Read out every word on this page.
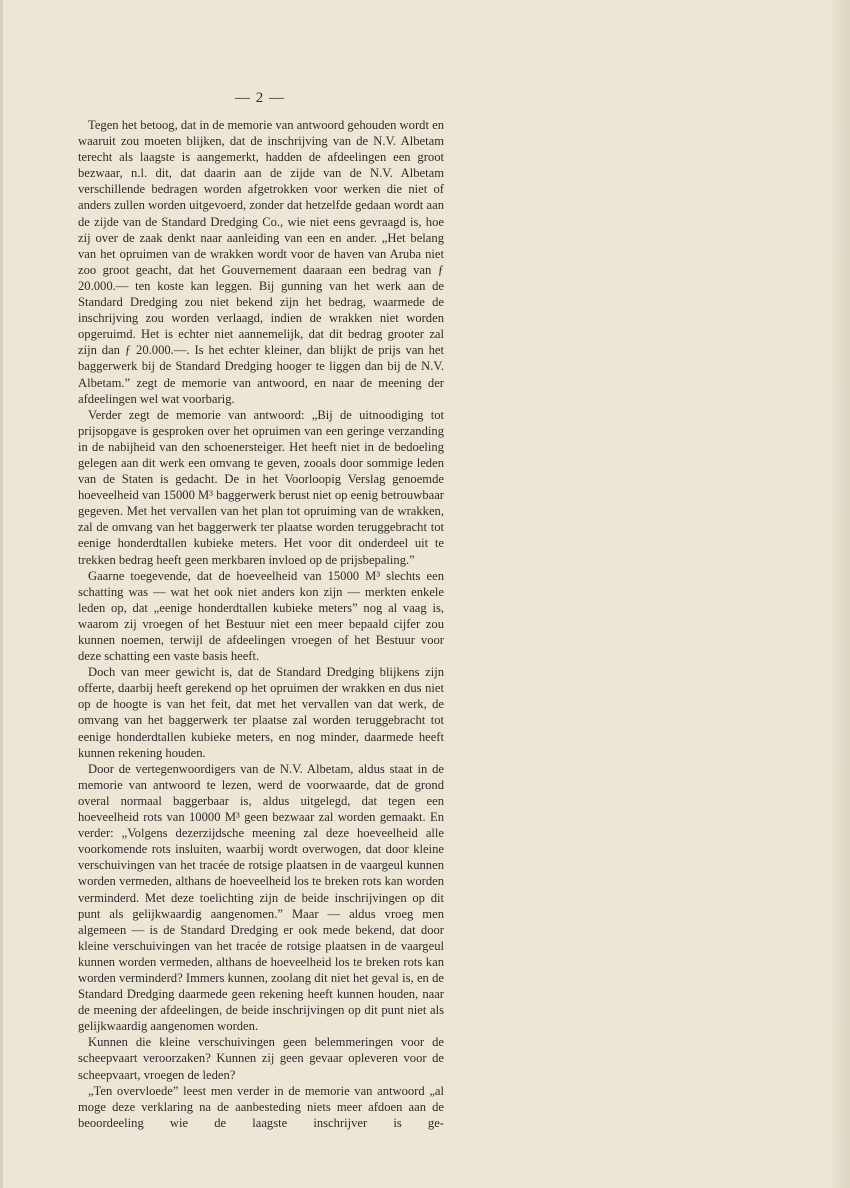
— 2 —

Tegen het betoog, dat in de memorie van antwoord gehouden wordt en waaruit zou moeten blijken, dat de inschrijving van de N.V. Albetam terecht als laagste is aangemerkt, hadden de afdeelingen een groot bezwaar, n.l. dit, dat daarin aan de zijde van de N.V. Albetam verschillende bedragen worden afgetrokken voor werken die niet of anders zullen worden uitgevoerd, zonder dat hetzelfde gedaan wordt aan de zijde van de Standard Dredging Co., wie niet eens gevraagd is, hoe zij over de zaak denkt naar aanleiding van een en ander. „Het belang van het opruimen van de wrakken wordt voor de haven van Aruba niet zoo groot geacht, dat het Gouvernement daaraan een bedrag van ƒ 20.000.— ten koste kan leggen. Bij gunning van het werk aan de Standard Dredging zou niet bekend zijn het bedrag, waarmede de inschrijving zou worden verlaagd, indien de wrakken niet worden opgeruimd. Het is echter niet aannemelijk, dat dit bedrag grooter zal zijn dan ƒ 20.000.—. Is het echter kleiner, dan blijkt de prijs van het baggerwerk bij de Standard Dredging hooger te liggen dan bij de N.V. Albetam.” zegt de memorie van antwoord, en naar de meening der afdeelingen wel wat voorbarig.

Verder zegt de memorie van antwoord: „Bij de uitnoodiging tot prijsopgave is gesproken over het opruimen van een geringe verzanding in de nabijheid van den schoenersteiger. Het heeft niet in de bedoeling gelegen aan dit werk een omvang te geven, zooals door sommige leden van de Staten is gedacht. De in het Voorloopig Verslag genoemde hoeveelheid van 15000 M³ baggerwerk berust niet op eenig betrouwbaar gegeven. Met het vervallen van het plan tot opruiming van de wrakken, zal de omvang van het baggerwerk ter plaatse worden teruggebracht tot eenige honderdtallen kubieke meters. Het voor dit onderdeel uit te trekken bedrag heeft geen merkbaren invloed op de prijsbepaling.”

Gaarne toegevende, dat de hoeveelheid van 15000 M³ slechts een schatting was — wat het ook niet anders kon zijn — merkten enkele leden op, dat „eenige honderdtallen kubieke meters” nog al vaag is, waarom zij vroegen of het Bestuur niet een meer bepaald cijfer zou kunnen noemen, terwijl de afdeelingen vroegen of het Bestuur voor deze schatting een vaste basis heeft.

Doch van meer gewicht is, dat de Standard Dredging blijkens zijn offerte, daarbij heeft gerekend op het opruimen der wrakken en dus niet op de hoogte is van het feit, dat met het vervallen van dat werk, de omvang van het baggerwerk ter plaatse zal worden teruggebracht tot eenige honderdtallen kubieke meters, en nog minder, daarmede heeft kunnen rekening houden.

Door de vertegenwoordigers van de N.V. Albetam, aldus staat in de memorie van antwoord te lezen, werd de voorwaarde, dat de grond overal normaal baggerbaar is, aldus uitgelegd, dat tegen een hoeveelheid rots van 10000 M³ geen bezwaar zal worden gemaakt. En verder: „Volgens dezerzijdsche meening zal deze hoeveelheid alle voorkomende rots insluiten, waarbij wordt overwogen, dat door kleine verschuivingen van het tracée de rotsige plaatsen in de vaargeul kunnen worden vermeden, althans de hoeveelheid los te breken rots kan worden verminderd. Met deze toelichting zijn de beide inschrijvingen op dit punt als gelijkwaardig aangenomen.” Maar — aldus vroeg men algemeen — is de Standard Dredging er ook mede bekend, dat door kleine verschuivingen van het tracée de rotsige plaatsen in de vaargeul kunnen worden vermeden, althans de hoeveelheid los te breken rots kan worden verminderd? Immers kunnen, zoolang dit niet het geval is, en de Standard Dredging daarmede geen rekening heeft kunnen houden, naar de meening der afdeelingen, de beide inschrijvingen op dit punt niet als gelijkwaardig aangenomen worden.

Kunnen die kleine verschuivingen geen belemmeringen voor de scheepvaart veroorzaken? Kunnen zij geen gevaar opleveren voor de scheepvaart, vroegen de leden?

„Ten overvloede” leest men verder in de memorie van antwoord „al moge deze verklaring na de aanbesteding niets meer afdoen aan de beoordeeling wie de laagste inschrijver is ge-
